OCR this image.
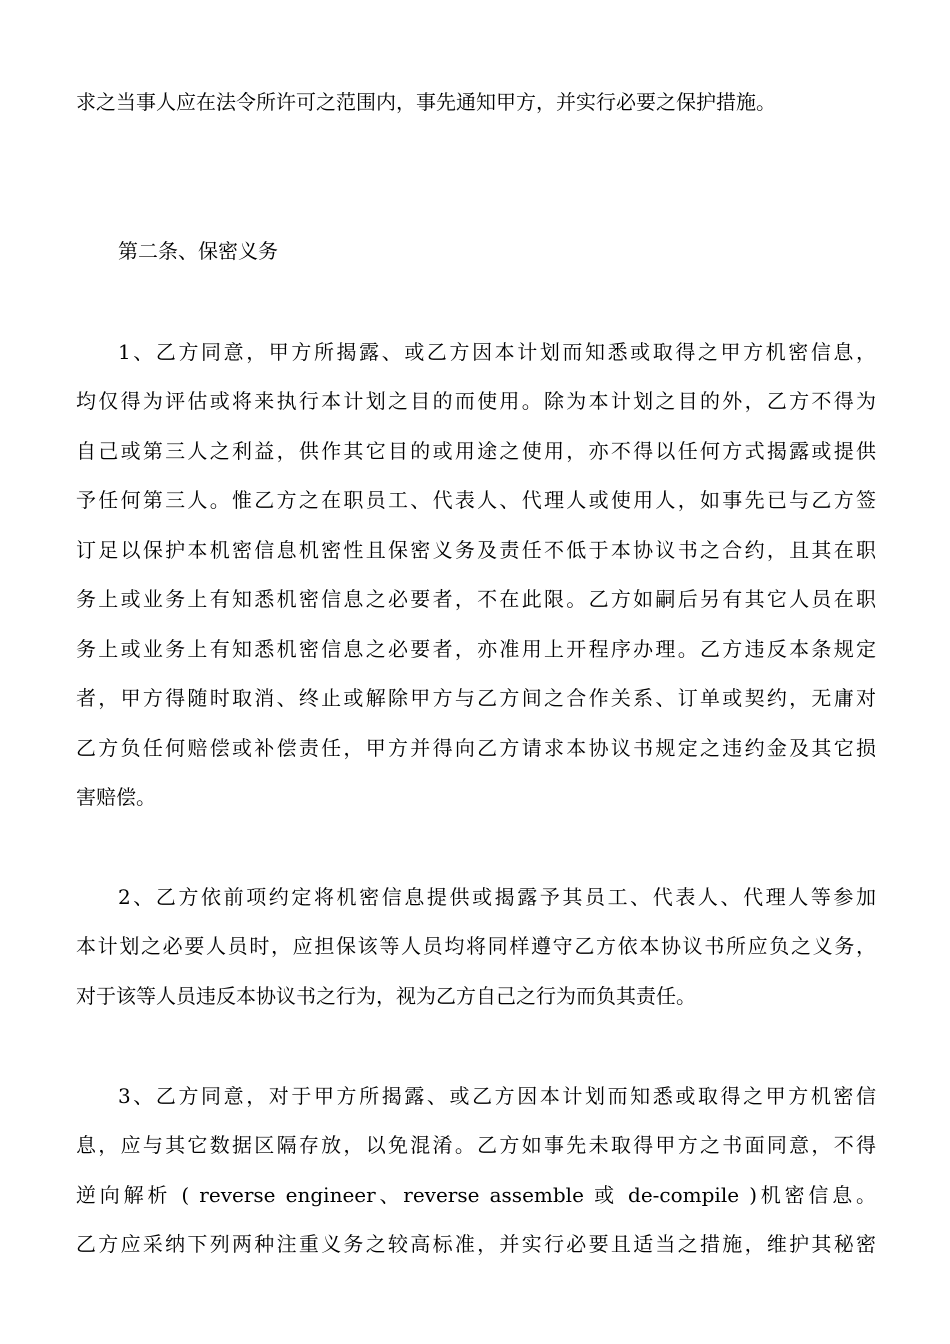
求之当事人应在法令所许可之范围内，事先通知甲方，并实行必要之保护措施。
第二条、保密义务
1、乙方同意，甲方所揭露、或乙方因本计划而知悉或取得之甲方机密信息，
均仅得为评估或将来执行本计划之目的而使用。除为本计划之目的外，乙方不得为
自己或第三人之利益，供作其它目的或用途之使用，亦不得以任何方式揭露或提供
予任何第三人。惟乙方之在职员工、代表人、代理人或使用人，如事先已与乙方签
订足以保护本机密信息机密性且保密义务及责任不低于本协议书之合约，且其在职
务上或业务上有知悉机密信息之必要者，不在此限。乙方如嗣后另有其它人员在职
务上或业务上有知悉机密信息之必要者，亦准用上开程序办理。乙方违反本条规定
者，甲方得随时取消、终止或解除甲方与乙方间之合作关系、订单或契约，无庸对
乙方负任何赔偿或补偿责任，甲方并得向乙方请求本协议书规定之违约金及其它损
害赔偿。
2、乙方依前项约定将机密信息提供或揭露予其员工、代表人、代理人等参加
本计划之必要人员时，应担保该等人员均将同样遵守乙方依本协议书所应负之义务，
对于该等人员违反本协议书之行为，视为乙方自己之行为而负其责任。
3、乙方同意，对于甲方所揭露、或乙方因本计划而知悉或取得之甲方机密信
息，应与其它数据区隔存放，以免混淆。乙方如事先未取得甲方之书面同意，不得
逆向解析 ( reverse engineer、reverse assemble 或 de-compile )机密信息。
乙方应采纳下列两种注重义务之较高标准，并实行必要且适当之措施，维护其秘密
